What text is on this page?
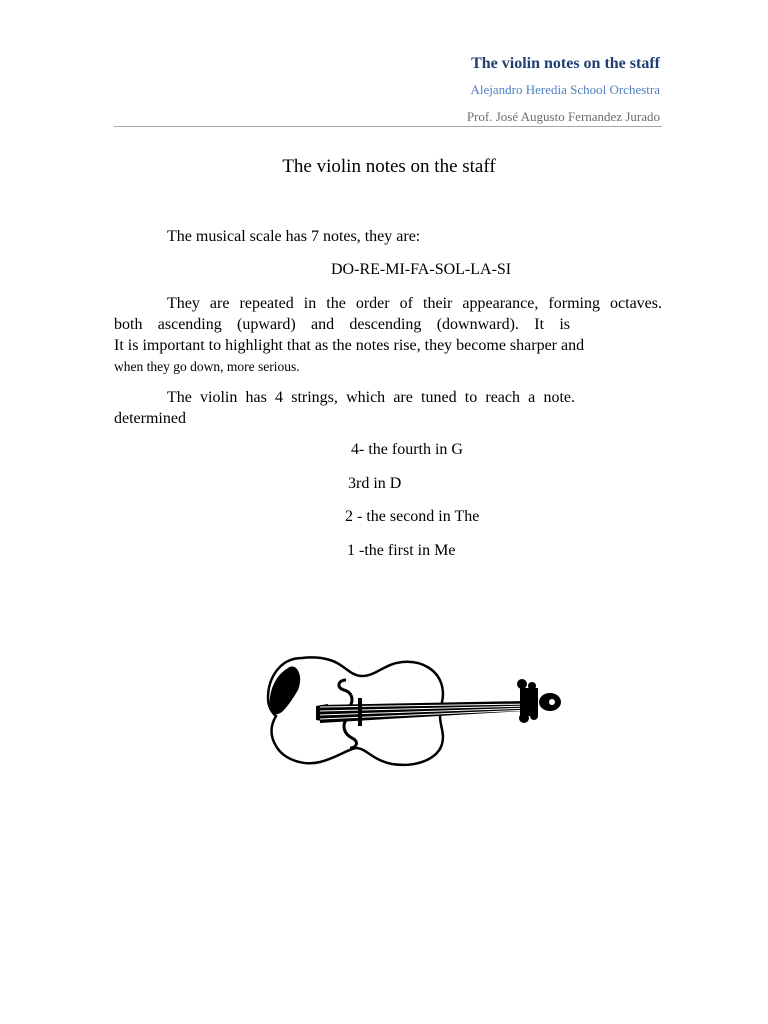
The violin notes on the staff
Alejandro Heredia School Orchestra
Prof. José Augusto Fernandez Jurado
The violin notes on the staff
The musical scale has 7 notes, they are:
DO-RE-MI-FA-SOL-LA-SI
They are repeated in the order of their appearance, forming octaves.
both ascending (upward) and descending (downward). It is
It is important to highlight that as the notes rise, they become sharper and
when they go down, more serious.
The violin has 4 strings, which are tuned to reach a note.
determined
4- the fourth in G
3rd in D
2 - the second in The
1 -the first in Me
